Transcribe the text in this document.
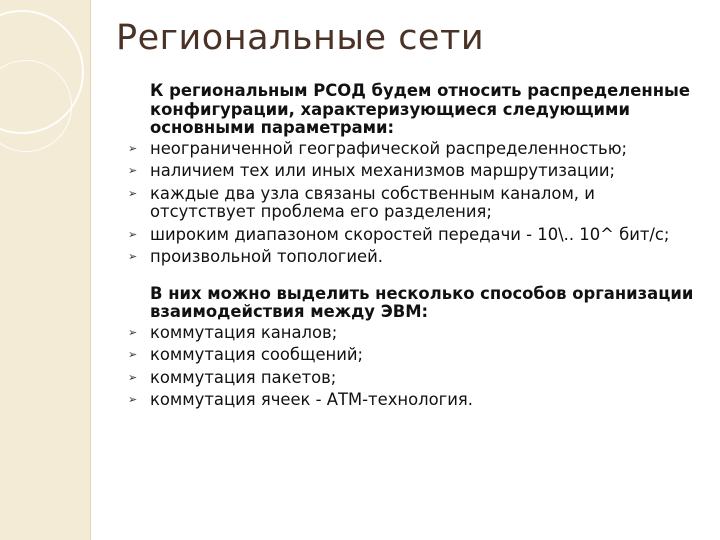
Региональные сети
К региональным РСОД будем относить распределенные конфигурации, характеризующиеся следующими основными параметрами:
➢ неограниченной географической распределенностью;
➢ наличием тех или иных механизмов маршрутизации;
➢ каждые два узла связаны собственным каналом, и отсутствует проблема его разделения;
➢ широким диапазоном скоростей передачи - 10\.. 10^ бит/с;
➢ произвольной топологией.
В них можно выделить несколько способов организации взаимодействия между ЭВМ:
➢ коммутация каналов;
➢ коммутация сообщений;
➢ коммутация пакетов;
➢ коммутация ячеек - АТМ-технология.
